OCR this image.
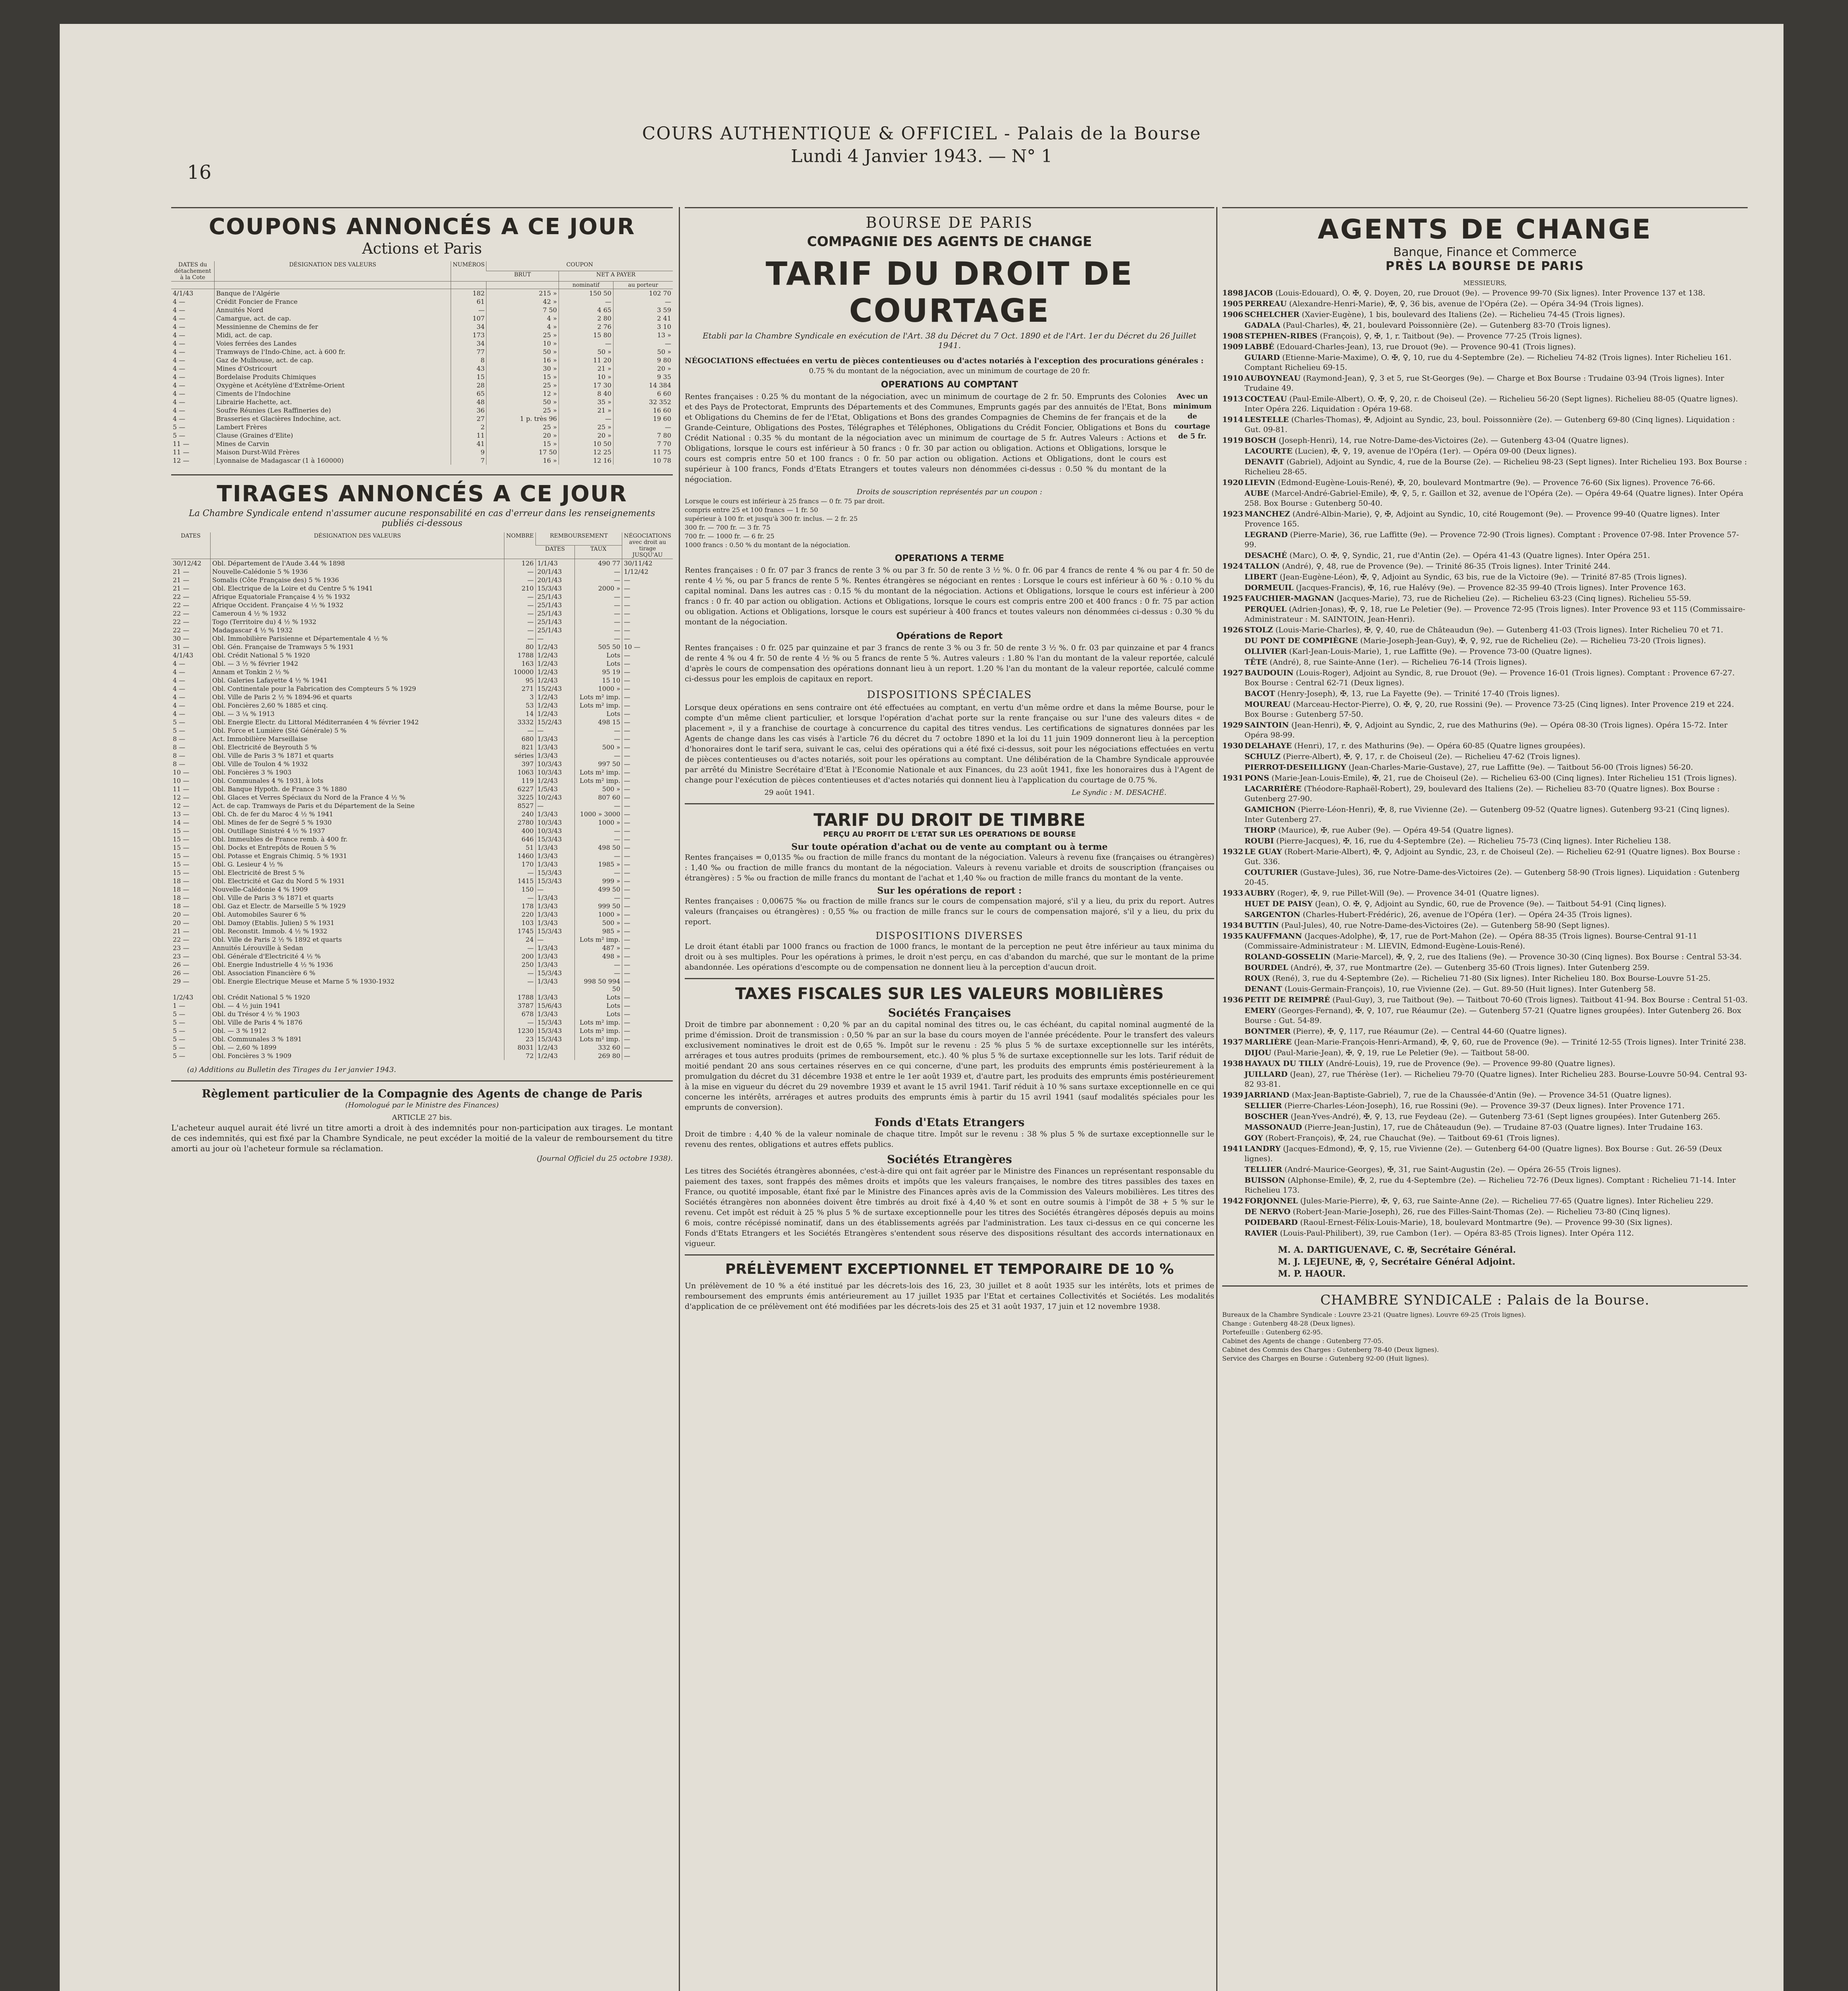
16
COURS AUTHENTIQUE & OFFICIEL - Palais de la Bourse
Lundi 4 Janvier 1943. — N° 1
COUPONS ANNONCÉS A CE JOUR
Actions et Paris
DATES du détachement à la Cote	DÉSIGNATION DES VALEURS	NUMÉROS	COUPON		
			BRUT	NET A PAYER	
				nominatif	au porteur
4/1/43	Banque de l'Algérie	182	215 »	150 50	102 70
4 —	Crédit Foncier de France	61	42 »	—	—
4 —	Annuités Nord	—	7 50	4 65	3 59
4 —	Camargue, act. de cap.	107	4 »	2 80	2 41
4 —	Messinienne de Chemins de fer	34	4 »	2 76	3 10
4 —	Midi, act. de cap.	173	25 »	15 80	13 »
4 —	Voies ferrées des Landes	34	10 »	—	—
4 —	Tramways de l'Indo-Chine, act. à 600 fr.	77	50 »	50 »	50 »
4 —	Gaz de Mulhouse, act. de cap.	8	16 »	11 20	9 80
4 —	Mines d'Ostricourt	43	30 »	21 »	20 »
4 —	Bordelaise Produits Chimiques	15	15 »	10 »	9 35
4 —	Oxygène et Acétylène d'Extrême-Orient	28	25 »	17 30	14 384
4 —	Ciments de l'Indochine	65	12 »	8 40	6 60
4 —	Librairie Hachette, act.	48	50 »	35 »	32 352
4 —	Soufre Réunies (Les Raffineries de)	36	25 »	21 »	16 60
4 —	Brasseries et Glacières Indochine, act.	27	1 p. très 96	—	19 60
5 —	Lambert Frères	2	25 »	25 »	—
5 —	Clause (Graines d'Elite)	11	20 »	20 »	7 80
11 —	Mines de Carvin	41	15 »	10 50	7 70
11 —	Maison Durst-Wild Frères	9	17 50	12 25	11 75
12 —	Lyonnaise de Madagascar (1 à 160000)	7	16 »	12 16	10 78
TIRAGES ANNONCÉS A CE JOUR
La Chambre Syndicale entend n'assumer aucune responsabilité en cas d'erreur dans les renseignements publiés ci-dessous
DATES	DÉSIGNATION DES VALEURS	NOMBRE	REMBOURSEMENT		NÉGOCIATIONS avec droit au tirage JUSQU'AU
			DATES	TAUX	
30/12/42	Obl. Département de l'Aude 3.44 % 1898	126	1/1/43	490 77	30/11/42
21 —	Nouvelle-Calédonie 5 % 1936	—	20/1/43	—	1/12/42
21 —	Somalis (Côte Française des) 5 % 1936	—	20/1/43	—	—
21 —	Obl. Electrique de la Loire et du Centre 5 % 1941	210	15/3/43	2000 »	—
22 —	Afrique Equatoriale Française 4 ½ % 1932	—	25/1/43	—	—
22 —	Afrique Occident. Française 4 ½ % 1932	—	25/1/43	—	—
22 —	Cameroun 4 ½ % 1932	—	25/1/43	—	—
22 —	Togo (Territoire du) 4 ½ % 1932	—	25/1/43	—	—
22 —	Madagascar 4 ½ % 1932	—	25/1/43	—	—
30 —	Obl. Immobilière Parisienne et Départementale 4 ½ %	—	—	—	—
31 —	Obl. Gén. Française de Tramways 5 % 1931	80	1/2/43	505 50	10 —
4/1/43	Obl. Crédit National 5 % 1920	1788	1/2/43	Lots	—
4 —	Obl. — 3 ½ % février 1942	163	1/2/43	Lots	—
4 —	Annam et Tonkin 2 ½ %	10000	1/2/43	95 19	—
4 —	Obl. Galeries Lafayette 4 ½ % 1941	95	1/2/43	15 10	—
4 —	Obl. Continentale pour la Fabrication des Compteurs 5 % 1929	271	15/2/43	1000 »	—
4 —	Obl. Ville de Paris 2 ½ % 1894-96 et quarts	3	1/2/43	Lots m² imp.	—
4 —	Obl. Foncières 2,60 % 1885 et cinq.	53	1/2/43	Lots m² imp.	—
4 —	Obl. — 3 ¼ % 1913	14	1/2/43	Lots	—
5 —	Obl. Energie Electr. du Littoral Méditerranéen 4 % février 1942	3332	15/2/43	498 15	—
5 —	Obl. Force et Lumière (Sté Générale) 5 %	—	—	—	—
8 —	Act. Immobilière Marseillaise	680	1/3/43	—	—
8 —	Obl. Electricité de Beyrouth 5 %	821	1/3/43	500 »	—
8 —	Obl. Ville de Paris 3 % 1871 et quarts	séries	1/3/43	—	—
8 —	Obl. Ville de Toulon 4 % 1932	397	10/3/43	997 50	—
10 —	Obl. Foncières 3 % 1903	1063	10/3/43	Lots m² imp.	—
10 —	Obl. Communales 4 % 1931, à lots	119	1/2/43	Lots m² imp.	—
11 —	Obl. Banque Hypoth. de France 3 % 1880	6227	1/5/43	500 »	—
12 —	Obl. Glaces et Verres Spéciaux du Nord de la France 4 ½ %	3225	10/2/43	807 60	—
12 —	Act. de cap. Tramways de Paris et du Département de la Seine	8527	—	—	—
13 —	Obl. Ch. de fer du Maroc 4 ½ % 1941	240	1/3/43	1000 » 3000	—
14 —	Obl. Mines de fer de Segré 5 % 1930	2780	10/3/43	1000 »	—
15 —	Obl. Outillage Sinistré 4 ½ % 1937	400	10/3/43	—	—
15 —	Obl. Immeubles de France remb. à 400 fr.	646	15/3/43	—	—
15 —	Obl. Docks et Entrepôts de Rouen 5 %	51	1/3/43	498 50	—
15 —	Obl. Potasse et Engrais Chimiq. 5 % 1931	1460	1/3/43	—	—
15 —	Obl. G. Lesieur 4 ½ %	170	1/3/43	1985 »	—
15 —	Obl. Electricité de Brest 5 %	—	15/3/43	—	—
18 —	Obl. Electricité et Gaz du Nord 5 % 1931	1415	15/3/43	999 »	—
18 —	Nouvelle-Calédonie 4 % 1909	150	—	499 50	—
18 —	Obl. Ville de Paris 3 % 1871 et quarts	—	1/3/43	—	—
18 —	Obl. Gaz et Electr. de Marseille 5 % 1929	178	1/3/43	999 50	—
20 —	Obl. Automobiles Saurer 6 %	220	1/3/43	1000 »	—
20 —	Obl. Damoy (Etablis. Julien) 5 % 1931	103	1/3/43	500 »	—
21 —	Obl. Reconstit. Immob. 4 ½ % 1932	1745	15/3/43	985 »	—
22 —	Obl. Ville de Paris 2 ½ % 1892 et quarts	24	—	Lots m² imp.	—
23 —	Annuités Lérouville à Sedan	—	1/3/43	487 »	—
23 —	Obl. Générale d'Electricité 4 ½ %	200	1/3/43	498 »	—
26 —	Obl. Energie Industrielle 4 ½ % 1936	250	1/3/43	—	—
26 —	Obl. Association Financière 6 %	—	15/3/43	—	—
29 —	Obl. Energie Electrique Meuse et Marne 5 % 1930-1932	—	1/3/43	998 50 994 50	—
1/2/43	Obl. Crédit National 5 % 1920	1788	1/3/43	Lots	—
1 —	Obl. — 4 ½ juin 1941	3787	15/6/43	Lots	—
5 —	Obl. du Trésor 4 ½ % 1903	678	1/3/43	Lots	—
5 —	Obl. Ville de Paris 4 % 1876	—	15/3/43	Lots m² imp.	—
5 —	Obl. — 3 % 1912	1230	15/3/43	Lots m² imp.	—
5 —	Obl. Communales 3 % 1891	23	15/3/43	Lots m² imp.	—
5 —	Obl. — 2,60 % 1899	8031	1/2/43	332 60	—
5 —	Obl. Foncières 3 % 1909	72	1/2/43	269 80	—
(a) Additions au Bulletin des Tirages du 1er janvier 1943.
Règlement particulier de la Compagnie des Agents de change de Paris
(Homologué par le Ministre des Finances)
ARTICLE 27 bis.
L'acheteur auquel aurait été livré un titre amorti a droit à des indemnités pour non-participation aux tirages. Le montant de ces indemnités, qui est fixé par la Chambre Syndicale, ne peut excéder la moitié de la valeur de remboursement du titre amorti au jour où l'acheteur formule sa réclamation.
(Journal Officiel du 25 octobre 1938).
BOURSE DE PARIS
COMPAGNIE DES AGENTS DE CHANGE
TARIF DU DROIT DE COURTAGE
Etabli par la Chambre Syndicale en exécution de l'Art. 38 du Décret du 7 Oct. 1890 et de l'Art. 1er du Décret du 26 Juillet 1941.
NÉGOCIATIONS effectuées en vertu de pièces contentieuses ou d'actes notariés à l'exception des procurations générales :
0.75 % du montant de la négociation, avec un minimum de courtage de 20 fr.
OPERATIONS AU COMPTANT
Rentes françaises : 0.25 % du montant de la négociation, avec un minimum de courtage de 2 fr. 50. Emprunts des Colonies et des Pays de Protectorat, Emprunts des Départements et des Communes, Emprunts gagés par des annuités de l'Etat, Bons et Obligations du Chemins de fer de l'Etat, Obligations et Bons des grandes Compagnies de Chemins de fer français et de la Grande-Ceinture, Obligations des Postes, Télégraphes et Téléphones, Obligations du Crédit Foncier, Obligations et Bons du Crédit National : 0.35 % du montant de la négociation avec un minimum de courtage de 5 fr. Autres Valeurs : Actions et Obligations, lorsque le cours est inférieur à 50 francs : 0 fr. 30 par action ou obligation. Actions et Obligations, lorsque le cours est compris entre 50 et 100 francs : 0 fr. 50 par action ou obligation. Actions et Obligations, dont le cours est supérieur à 100 francs, Fonds d'Etats Etrangers et toutes valeurs non dénommées ci-dessus : 0.50 % du montant de la négociation.
Avec un minimum de courtage de 5 fr.
Droits de souscription représentés par un coupon :
Lorsque le cours est inférieur à 25 francs — 0 fr. 75 par droit.
compris entre 25 et 100 francs — 1 fr. 50
supérieur à 100 fr. et jusqu'à 300 fr. inclus. — 2 fr. 25
300 fr. — 700 fr. — 3 fr. 75
700 fr. — 1000 fr. — 6 fr. 25
1000 francs : 0.50 % du montant de la négociation.
OPERATIONS A TERME
Rentes françaises : 0 fr. 07 par 3 francs de rente 3 % ou par 3 fr. 50 de rente 3 ½ %. 0 fr. 06 par 4 francs de rente 4 % ou par 4 fr. 50 de rente 4 ½ %, ou par 5 francs de rente 5 %. Rentes étrangères se négociant en rentes : Lorsque le cours est inférieur à 60 % : 0.10 % du capital nominal. Dans les autres cas : 0.15 % du montant de la négociation. Actions et Obligations, lorsque le cours est inférieur à 200 francs : 0 fr. 40 par action ou obligation. Actions et Obligations, lorsque le cours est compris entre 200 et 400 francs : 0 fr. 75 par action ou obligation. Actions et Obligations, lorsque le cours est supérieur à 400 francs et toutes valeurs non dénommées ci-dessus : 0.30 % du montant de la négociation.
Opérations de Report
Rentes françaises : 0 fr. 025 par quinzaine et par 3 francs de rente 3 % ou 3 fr. 50 de rente 3 ½ %. 0 fr. 03 par quinzaine et par 4 francs de rente 4 % ou 4 fr. 50 de rente 4 ½ % ou 5 francs de rente 5 %. Autres valeurs : 1.80 % l'an du montant de la valeur reportée, calculé d'après le cours de compensation des opérations donnant lieu à un report. 1.20 % l'an du montant de la valeur reportée, calculé comme ci-dessus pour les emplois de capitaux en report.
DISPOSITIONS SPÉCIALES
Lorsque deux opérations en sens contraire ont été effectuées au comptant, en vertu d'un même ordre et dans la même Bourse, pour le compte d'un même client particulier, et lorsque l'opération d'achat porte sur la rente française ou sur l'une des valeurs dites « de placement », il y a franchise de courtage à concurrence du capital des titres vendus. Les certifications de signatures données par les Agents de change dans les cas visés à l'article 76 du décret du 7 octobre 1890 et la loi du 11 juin 1909 donneront lieu à la perception d'honoraires dont le tarif sera, suivant le cas, celui des opérations qui a été fixé ci-dessus, soit pour les négociations effectuées en vertu de pièces contentieuses ou d'actes notariés, soit pour les opérations au comptant. Une délibération de la Chambre Syndicale approuvée par arrêté du Ministre Secrétaire d'Etat à l'Economie Nationale et aux Finances, du 23 août 1941, fixe les honoraires dus à l'Agent de change pour l'exécution de pièces contentieuses et d'actes notariés qui donnent lieu à l'application du courtage de 0.75 %.
29 août 1941.	Le Syndic : M. DESACHÉ.
TARIF DU DROIT DE TIMBRE
PERÇU AU PROFIT DE L'ETAT SUR LES OPERATIONS DE BOURSE
Sur toute opération d'achat ou de vente au comptant ou à terme
Rentes françaises = 0,0135 ‰ ou fraction de mille francs du montant de la négociation. Valeurs à revenu fixe (françaises ou étrangères) : 1,40 ‰ ou fraction de mille francs du montant de la négociation. Valeurs à revenu variable et droits de souscription (françaises ou étrangères) : 5 ‰ ou fraction de mille francs du montant de l'achat et 1,40 ‰ ou fraction de mille francs du montant de la vente.
Sur les opérations de report :
Rentes françaises : 0,00675 ‰ ou fraction de mille francs sur le cours de compensation majoré, s'il y a lieu, du prix du report. Autres valeurs (françaises ou étrangères) : 0,55 ‰ ou fraction de mille francs sur le cours de compensation majoré, s'il y a lieu, du prix du report.
DISPOSITIONS DIVERSES
Le droit étant établi par 1000 francs ou fraction de 1000 francs, le montant de la perception ne peut être inférieur au taux minima du droit ou à ses multiples. Pour les opérations à primes, le droit n'est perçu, en cas d'abandon du marché, que sur le montant de la prime abandonnée. Les opérations d'escompte ou de compensation ne donnent lieu à la perception d'aucun droit.
TAXES FISCALES SUR LES VALEURS MOBILIÈRES
Sociétés Françaises
Droit de timbre par abonnement : 0,20 % par an du capital nominal des titres ou, le cas échéant, du capital nominal augmenté de la prime d'émission. Droit de transmission : 0,50 % par an sur la base du cours moyen de l'année précédente. Pour le transfert des valeurs exclusivement nominatives le droit est de 0,65 %. Impôt sur le revenu : 25 % plus 5 % de surtaxe exceptionnelle sur les intérêts, arrérages et tous autres produits (primes de remboursement, etc.). 40 % plus 5 % de surtaxe exceptionnelle sur les lots. Tarif réduit de moitié pendant 20 ans sous certaines réserves en ce qui concerne, d'une part, les produits des emprunts émis postérieurement à la promulgation du décret du 31 décembre 1938 et entre le 1er août 1939 et, d'autre part, les produits des emprunts émis postérieurement à la mise en vigueur du décret du 29 novembre 1939 et avant le 15 avril 1941. Tarif réduit à 10 % sans surtaxe exceptionnelle en ce qui concerne les intérêts, arrérages et autres produits des emprunts émis à partir du 15 avril 1941 (sauf modalités spéciales pour les emprunts de conversion).
Fonds d'Etats Etrangers
Droit de timbre : 4,40 % de la valeur nominale de chaque titre. Impôt sur le revenu : 38 % plus 5 % de surtaxe exceptionnelle sur le revenu des rentes, obligations et autres effets publics.
Sociétés Etrangères
Les titres des Sociétés étrangères abonnées, c'est-à-dire qui ont fait agréer par le Ministre des Finances un représentant responsable du paiement des taxes, sont frappés des mêmes droits et impôts que les valeurs françaises, le nombre des titres passibles des taxes en France, ou quotité imposable, étant fixé par le Ministre des Finances après avis de la Commission des Valeurs mobilières. Les titres des Sociétés étrangères non abonnées doivent être timbrés au droit fixé à 4,40 % et sont en outre soumis à l'impôt de 38 + 5 % sur le revenu. Cet impôt est réduit à 25 % plus 5 % de surtaxe exceptionnelle pour les titres des Sociétés étrangères déposés depuis au moins 6 mois, contre récépissé nominatif, dans un des établissements agréés par l'administration. Les taux ci-dessus en ce qui concerne les Fonds d'Etats Etrangers et les Sociétés Etrangères s'entendent sous réserve des dispositions résultant des accords internationaux en vigueur.
PRÉLÈVEMENT EXCEPTIONNEL ET TEMPORAIRE DE 10 %
Un prélèvement de 10 % a été institué par les décrets-lois des 16, 23, 30 juillet et 8 août 1935 sur les intérêts, lots et primes de remboursement des emprunts émis antérieurement au 17 juillet 1935 par l'Etat et certaines Collectivités et Sociétés. Les modalités d'application de ce prélèvement ont été modifiées par les décrets-lois des 25 et 31 août 1937, 17 juin et 12 novembre 1938.
AGENTS DE CHANGE
Banque, Finance et Commerce
PRÈS LA BOURSE DE PARIS
MESSIEURS,
1898 JACOB (Louis-Edouard), O. ✠, ♀. Doyen, 20, rue Drouot (9e). — Provence 99-70 (Six lignes). Inter Provence 137 et 138.
1905 PERREAU (Alexandre-Henri-Marie), ✠, ♀, 36 bis, avenue de l'Opéra (2e). — Opéra 34-94 (Trois lignes).
1906 SCHELCHER (Xavier-Eugène), 1 bis, boulevard des Italiens (2e). — Richelieu 74-45 (Trois lignes).
GADALA (Paul-Charles), ✠, 21, boulevard Poissonnière (2e). — Gutenberg 83-70 (Trois lignes).
1908 STEPHEN-RIBES (François), ♀, ✠, 1, r. Taitbout (9e). — Provence 77-25 (Trois lignes).
1909 LABBÉ (Edouard-Charles-Jean), 13, rue Drouot (9e). — Provence 90-41 (Trois lignes).
GUIARD (Etienne-Marie-Maxime), O. ✠, ♀, 10, rue du 4-Septembre (2e). — Richelieu 74-82 (Trois lignes). Inter Richelieu 161. Comptant Richelieu 69-15.
1910 AUBOYNEAU (Raymond-Jean), ♀, 3 et 5, rue St-Georges (9e). — Charge et Box Bourse : Trudaine 03-94 (Trois lignes). Inter Trudaine 49.
1913 COCTEAU (Paul-Emile-Albert), O. ✠, ♀, 20, r. de Choiseul (2e). — Richelieu 56-20 (Sept lignes). Richelieu 88-05 (Quatre lignes). Inter Opéra 226. Liquidation : Opéra 19-68.
1914 LESTELLE (Charles-Thomas), ✠, Adjoint au Syndic, 23, boul. Poissonnière (2e). — Gutenberg 69-80 (Cinq lignes). Liquidation : Gut. 09-81.
1919 BOSCH (Joseph-Henri), 14, rue Notre-Dame-des-Victoires (2e). — Gutenberg 43-04 (Quatre lignes).
LACOURTE (Lucien), ✠, ♀, 19, avenue de l'Opéra (1er). — Opéra 09-00 (Deux lignes).
DENAVIT (Gabriel), Adjoint au Syndic, 4, rue de la Bourse (2e). — Richelieu 98-23 (Sept lignes). Inter Richelieu 193. Box Bourse : Richelieu 28-65.
1920 LIEVIN (Edmond-Eugène-Louis-René), ✠, 20, boulevard Montmartre (9e). — Provence 76-60 (Six lignes). Provence 76-66.
AUBE (Marcel-André-Gabriel-Emile), ✠, ♀, 5, r. Gaillon et 32, avenue de l'Opéra (2e). — Opéra 49-64 (Quatre lignes). Inter Opéra 258. Box Bourse : Gutenberg 50-40.
1923 MANCHEZ (André-Albin-Marie), ♀, ✠, Adjoint au Syndic, 10, cité Rougemont (9e). — Provence 99-40 (Quatre lignes). Inter Provence 165.
LEGRAND (Pierre-Marie), 36, rue Laffitte (9e). — Provence 72-90 (Trois lignes). Comptant : Provence 07-98. Inter Provence 57-99.
DESACHÉ (Marc), O. ✠, ♀, Syndic, 21, rue d'Antin (2e). — Opéra 41-43 (Quatre lignes). Inter Opéra 251.
1924 TALLON (André), ♀, 48, rue de Provence (9e). — Trinité 86-35 (Trois lignes). Inter Trinité 244.
LIBERT (Jean-Eugène-Léon), ✠, ♀, Adjoint au Syndic, 63 bis, rue de la Victoire (9e). — Trinité 87-85 (Trois lignes).
DORMEUIL (Jacques-Francis), ✠, 16, rue Halévy (9e). — Provence 82-35 99-40 (Trois lignes). Inter Provence 163.
1925 FAUCHIER-MAGNAN (Jacques-Marie), 73, rue de Richelieu (2e). — Richelieu 63-23 (Cinq lignes). Richelieu 55-59.
PERQUEL (Adrien-Jonas), ✠, ♀, 18, rue Le Peletier (9e). — Provence 72-95 (Trois lignes). Inter Provence 93 et 115 (Commissaire-Administrateur : M. SAINTOIN, Jean-Henri).
1926 STOLZ (Louis-Marie-Charles), ✠, ♀, 40, rue de Châteaudun (9e). — Gutenberg 41-03 (Trois lignes). Inter Richelieu 70 et 71.
DU PONT DE COMPIÈGNE (Marie-Joseph-Jean-Guy), ✠, ♀, 92, rue de Richelieu (2e). — Richelieu 73-20 (Trois lignes).
OLLIVIER (Karl-Jean-Louis-Marie), 1, rue Laffitte (9e). — Provence 73-00 (Quatre lignes).
TÊTE (André), 8, rue Sainte-Anne (1er). — Richelieu 76-14 (Trois lignes).
1927 BAUDOUIN (Louis-Roger), Adjoint au Syndic, 8, rue Drouot (9e). — Provence 16-01 (Trois lignes). Comptant : Provence 67-27. Box Bourse : Central 62-71 (Deux lignes).
BACOT (Henry-Joseph), ✠, 13, rue La Fayette (9e). — Trinité 17-40 (Trois lignes).
MOUREAU (Marceau-Hector-Pierre), O. ✠, ♀, 20, rue Rossini (9e). — Provence 73-25 (Cinq lignes). Inter Provence 219 et 224. Box Bourse : Gutenberg 57-50.
1929 SAINTOIN (Jean-Henri), ✠, ♀, Adjoint au Syndic, 2, rue des Mathurins (9e). — Opéra 08-30 (Trois lignes). Opéra 15-72. Inter Opéra 98-99.
1930 DELAHAYE (Henri), 17, r. des Mathurins (9e). — Opéra 60-85 (Quatre lignes groupées).
SCHULZ (Pierre-Albert), ✠, ♀, 17, r. de Choiseul (2e). — Richelieu 47-62 (Trois lignes).
PIERROT-DESEILLIGNY (Jean-Charles-Marie-Gustave), 27, rue Laffitte (9e). — Taitbout 56-00 (Trois lignes) 56-20.
1931 PONS (Marie-Jean-Louis-Emile), ✠, 21, rue de Choiseul (2e). — Richelieu 63-00 (Cinq lignes). Inter Richelieu 151 (Trois lignes).
LACARRIÈRE (Théodore-Raphaël-Robert), 29, boulevard des Italiens (2e). — Richelieu 83-70 (Quatre lignes). Box Bourse : Gutenberg 27-90.
GAMICHON (Pierre-Léon-Henri), ✠, 8, rue Vivienne (2e). — Gutenberg 09-52 (Quatre lignes). Gutenberg 93-21 (Cinq lignes). Inter Gutenberg 27.
THORP (Maurice), ✠, rue Auber (9e). — Opéra 49-54 (Quatre lignes).
ROUBI (Pierre-Jacques), ✠, 16, rue du 4-Septembre (2e). — Richelieu 75-73 (Cinq lignes). Inter Richelieu 138.
1932 LE GUAY (Robert-Marie-Albert), ✠, ♀, Adjoint au Syndic, 23, r. de Choiseul (2e). — Richelieu 62-91 (Quatre lignes). Box Bourse : Gut. 336.
COUTURIER (Gustave-Jules), 36, rue Notre-Dame-des-Victoires (2e). — Gutenberg 58-90 (Trois lignes). Liquidation : Gutenberg 20-45.
1933 AUBRY (Roger), ✠, 9, rue Pillet-Will (9e). — Provence 34-01 (Quatre lignes).
HUET DE PAISY (Jean), O. ✠, ♀, Adjoint au Syndic, 60, rue de Provence (9e). — Taitbout 54-91 (Cinq lignes).
SARGENTON (Charles-Hubert-Frédéric), 26, avenue de l'Opéra (1er). — Opéra 24-35 (Trois lignes).
1934 BUTTIN (Paul-Jules), 40, rue Notre-Dame-des-Victoires (2e). — Gutenberg 58-90 (Sept lignes).
1935 KAUFFMANN (Jacques-Adolphe), ✠, 17, rue de Port-Mahon (2e). — Opéra 88-35 (Trois lignes). Bourse-Central 91-11 (Commissaire-Administrateur : M. LIEVIN, Edmond-Eugène-Louis-René).
ROLAND-GOSSELIN (Marie-Marcel), ✠, ♀, 2, rue des Italiens (9e). — Provence 30-30 (Cinq lignes). Box Bourse : Central 53-34.
BOURDEL (André), ✠, 37, rue Montmartre (2e). — Gutenberg 35-60 (Trois lignes). Inter Gutenberg 259.
ROUX (René), 3, rue du 4-Septembre (2e). — Richelieu 71-80 (Six lignes). Inter Richelieu 180. Box Bourse-Louvre 51-25.
DENANT (Louis-Germain-François), 10, rue Vivienne (2e). — Gut. 89-50 (Huit lignes). Inter Gutenberg 58.
1936 PETIT DE REIMPRÉ (Paul-Guy), 3, rue Taitbout (9e). — Taitbout 70-60 (Trois lignes). Taitbout 41-94. Box Bourse : Central 51-03.
EMERY (Georges-Fernand), ✠, ♀, 107, rue Réaumur (2e). — Gutenberg 57-21 (Quatre lignes groupées). Inter Gutenberg 26. Box Bourse : Gut. 54-89.
BONTMER (Pierre), ✠, ♀, 117, rue Réaumur (2e). — Central 44-60 (Quatre lignes).
1937 MARLIÈRE (Jean-Marie-François-Henri-Armand), ✠, ♀, 60, rue de Provence (9e). — Trinité 12-55 (Trois lignes). Inter Trinité 238.
DIJOU (Paul-Marie-Jean), ✠, ♀, 19, rue Le Peletier (9e). — Taitbout 58-00.
1938 HAYAUX DU TILLY (André-Louis), 19, rue de Provence (9e). — Provence 99-80 (Quatre lignes).
JUILLARD (Jean), 27, rue Thérèse (1er). — Richelieu 79-70 (Quatre lignes). Inter Richelieu 283. Bourse-Louvre 50-94. Central 93-82 93-81.
1939 JARRIAND (Max-Jean-Baptiste-Gabriel), 7, rue de la Chaussée-d'Antin (9e). — Provence 34-51 (Quatre lignes).
SELLIER (Pierre-Charles-Léon-Joseph), 16, rue Rossini (9e). — Provence 39-37 (Deux lignes). Inter Provence 171.
BOSCHER (Jean-Yves-André), ✠, ♀, 13, rue Feydeau (2e). — Gutenberg 73-61 (Sept lignes groupées). Inter Gutenberg 265.
MASSONAUD (Pierre-Jean-Justin), 17, rue de Châteaudun (9e). — Trudaine 87-03 (Quatre lignes). Inter Trudaine 163.
GOY (Robert-François), ✠, 24, rue Chauchat (9e). — Taitbout 69-61 (Trois lignes).
1941 LANDRY (Jacques-Edmond), ✠, ♀, 15, rue Vivienne (2e). — Gutenberg 64-00 (Quatre lignes). Box Bourse : Gut. 26-59 (Deux lignes).
TELLIER (André-Maurice-Georges), ✠, 31, rue Saint-Augustin (2e). — Opéra 26-55 (Trois lignes).
BUISSON (Alphonse-Emile), ✠, 2, rue du 4-Septembre (2e). — Richelieu 72-76 (Deux lignes). Comptant : Richelieu 71-14. Inter Richelieu 173.
1942 FORJONNEL (Jules-Marie-Pierre), ✠, ♀, 63, rue Sainte-Anne (2e). — Richelieu 77-65 (Quatre lignes). Inter Richelieu 229.
DE NERVO (Robert-Jean-Marie-Joseph), 26, rue des Filles-Saint-Thomas (2e). — Richelieu 73-80 (Cinq lignes).
POIDEBARD (Raoul-Ernest-Félix-Louis-Marie), 18, boulevard Montmartre (9e). — Provence 99-30 (Six lignes).
RAVIER (Louis-Paul-Philibert), 39, rue Cambon (1er). — Opéra 83-85 (Trois lignes). Inter Opéra 112.
M. A. DARTIGUENAVE, C. ✠, Secrétaire Général.
M. J. LEJEUNE, ✠, ♀, Secrétaire Général Adjoint.
M. P. HAOUR.
CHAMBRE SYNDICALE : Palais de la Bourse.
Bureaux de la Chambre Syndicale : Louvre 23-21 (Quatre lignes). Louvre 69-25 (Trois lignes).
Change : Gutenberg 48-28 (Deux lignes).
Portefeuille : Gutenberg 62-95.
Cabinet des Agents de change : Gutenberg 77-05.
Cabinet des Commis des Charges : Gutenberg 78-40 (Deux lignes).
Service des Charges en Bourse : Gutenberg 92-00 (Huit lignes).
